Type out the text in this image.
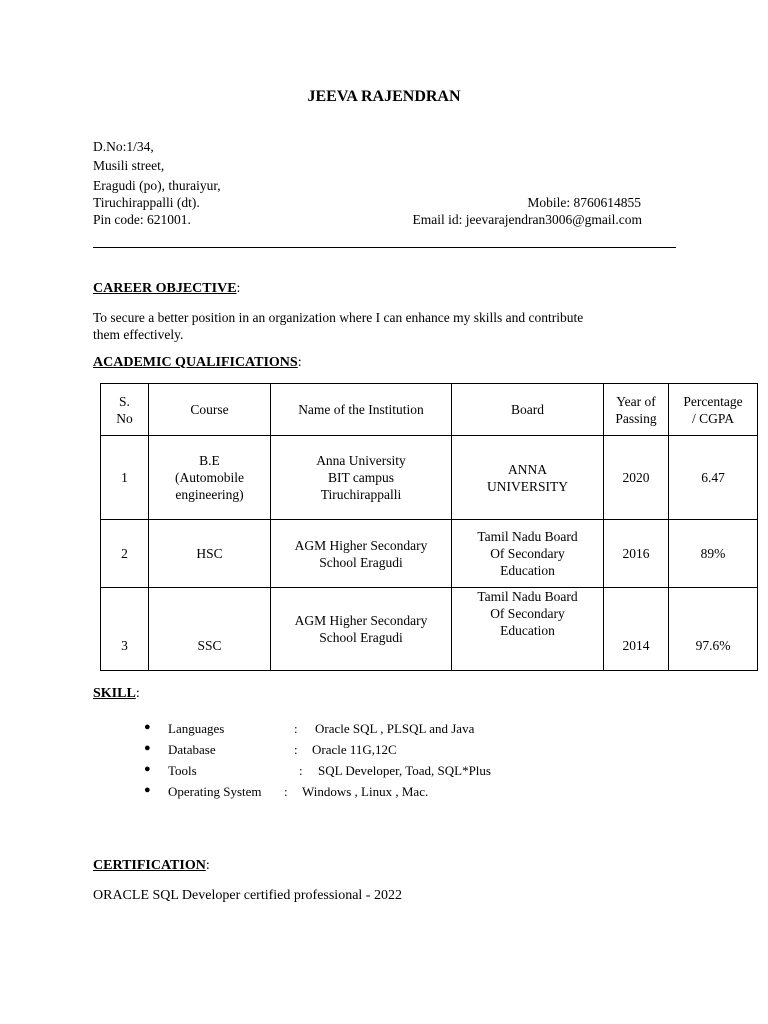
JEEVA RAJENDRAN
D.No:1/34,
Musili street,
Eragudi (po), thuraiyur,
Tiruchirappalli (dt).
Pin code: 621001.
Mobile: 8760614855
Email id: jeevarajendran3006@gmail.com
CAREER OBJECTIVE:
To secure a better position in an organization where I can enhance my skills and contribute
them effectively.
ACADEMIC QUALIFICATIONS:
S.
No	Course	Name of the Institution	Board	Year of
Passing	Percentage
/ CGPA
1	B.E
(Automobile
engineering)	Anna University
BIT campus
Tiruchirappalli	ANNA
UNIVERSITY	2020	6.47
2	HSC	AGM Higher Secondary
School Eragudi	Tamil Nadu Board
Of Secondary
Education	2016	89%
3	SSC	AGM Higher Secondary
School Eragudi	Tamil Nadu Board
Of Secondary
Education	2014	97.6%
SKILL:
● Languages	: Oracle SQL , PLSQL and Java
● Database	: Oracle 11G,12C
● Tools	: SQL Developer, Toad, SQL*Plus
● Operating System : Windows , Linux , Mac.
CERTIFICATION:
ORACLE SQL Developer certified professional - 2022
